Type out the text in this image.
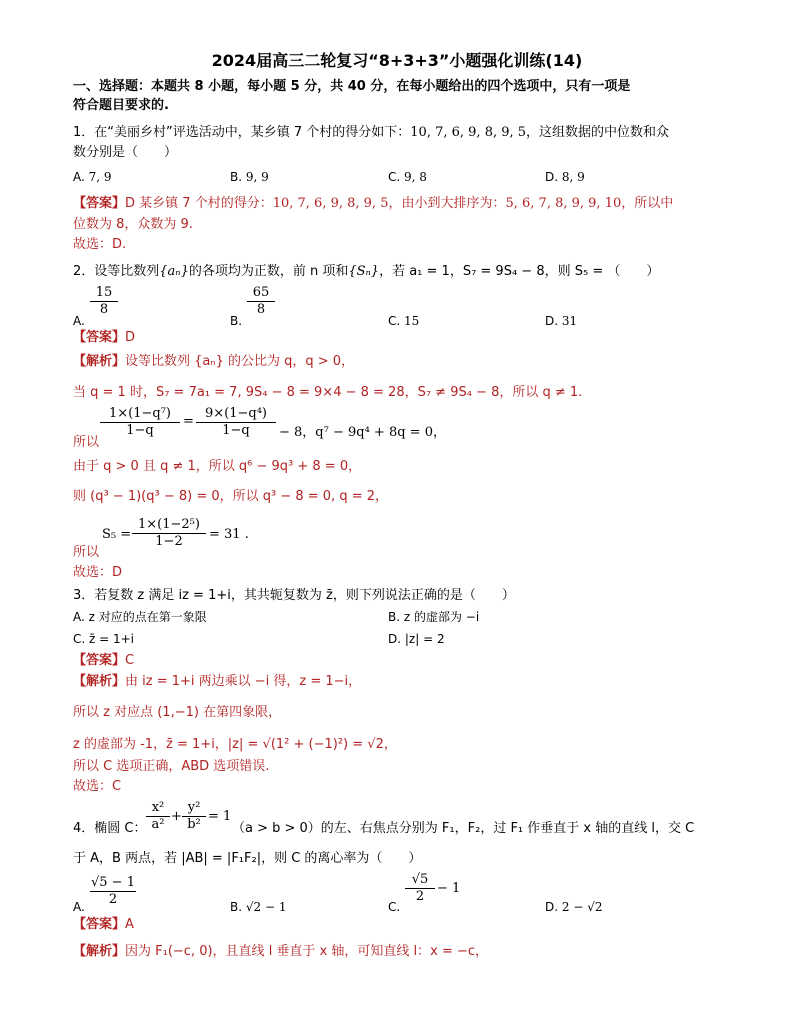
2024届高三二轮复习“8+3+3”小题强化训练(14)
一、选择题：本题共 8 小题，每小题 5 分，共 40 分，在每小题给出的四个选项中，只有一项是
符合题目要求的.
1．在“美丽乡村”评选活动中，某乡镇 7 个村的得分如下：10, 7, 6, 9, 8, 9, 5，这组数据的中位数和众
数分别是（　　）
A. 7, 9	B. 9, 9	C. 9, 8	D. 8, 9
【答案】D 某乡镇 7 个村的得分：10, 7, 6, 9, 8, 9, 5，由小到大排序为：5, 6, 7, 8, 9, 9, 10，所以中
位数为 8，众数为 9.
故选：D.
2．设等比数列{aₙ}的各项均为正数，前 n 项和{Sₙ}，若 a₁ = 1，S₇ = 9S₄ − 8，则 S₅ = （　　）
A.
$\frac{15}{8}$
B.
$\frac{65}{8}$
C. 15	D. 31
【答案】D
【解析】设等比数列 {aₙ} 的公比为 q，q > 0，
当 q = 1 时，S₇ = 7a₁ = 7, 9S₄ − 8 = 9×4 − 8 = 28，S₇ ≠ 9S₄ − 8，所以 q ≠ 1.
所以
$\frac{\text{1×(1−q⁷)}}{1-q} = \frac{\text{9×(1−q⁴)}}{1-q} - 8$，q⁷ − 9q⁴ + 8q = 0，
由于 q > 0 且 q ≠ 1，所以 q⁶ − 9q³ + 8 = 0，
则 (q³ − 1)(q³ − 8) = 0，所以 q³ − 8 = 0, q = 2，
所以
$S_5 = \frac{\text{1×(1−2⁵)}}{1-2} = 31$ .
故选：D
3．若复数 z 满足 iz = 1+i，其共轭复数为 z̄，则下列说法正确的是（　　）
A. z 对应的点在第一象限	B. z 的虚部为 −i
C. z̄ = 1+i	D. |z| = 2
【答案】C
【解析】由 iz = 1+i 两边乘以 −i 得，z = 1−i，
所以 z 对应点 (1,−1) 在第四象限，
z 的虚部为 -1，z̄ = 1+i，|z| = √(1² + (−1)²) = √2，
所以 C 选项正确，ABD 选项错误.
故选：C
4．椭圆 C： $\frac{\text{x²}}{\text{a²}} + \frac{\text{y²}}{\text{b²}} = 1$
（a > b > 0）的左、右焦点分别为 F₁，F₂，过 F₁ 作垂直于 x 轴的直线 l，交 C
于 A，B 两点，若 |AB| = |F₁F₂|，则 C 的离心率为（　　）
A. $\frac{√5 - 1}{2}$	B. √2 − 1	C.
$\frac{√5}{2} - 1$
D. 2 − √2
【答案】A
【解析】因为 F₁(−c, 0)，且直线 l 垂直于 x 轴，可知直线 l：x = −c，
